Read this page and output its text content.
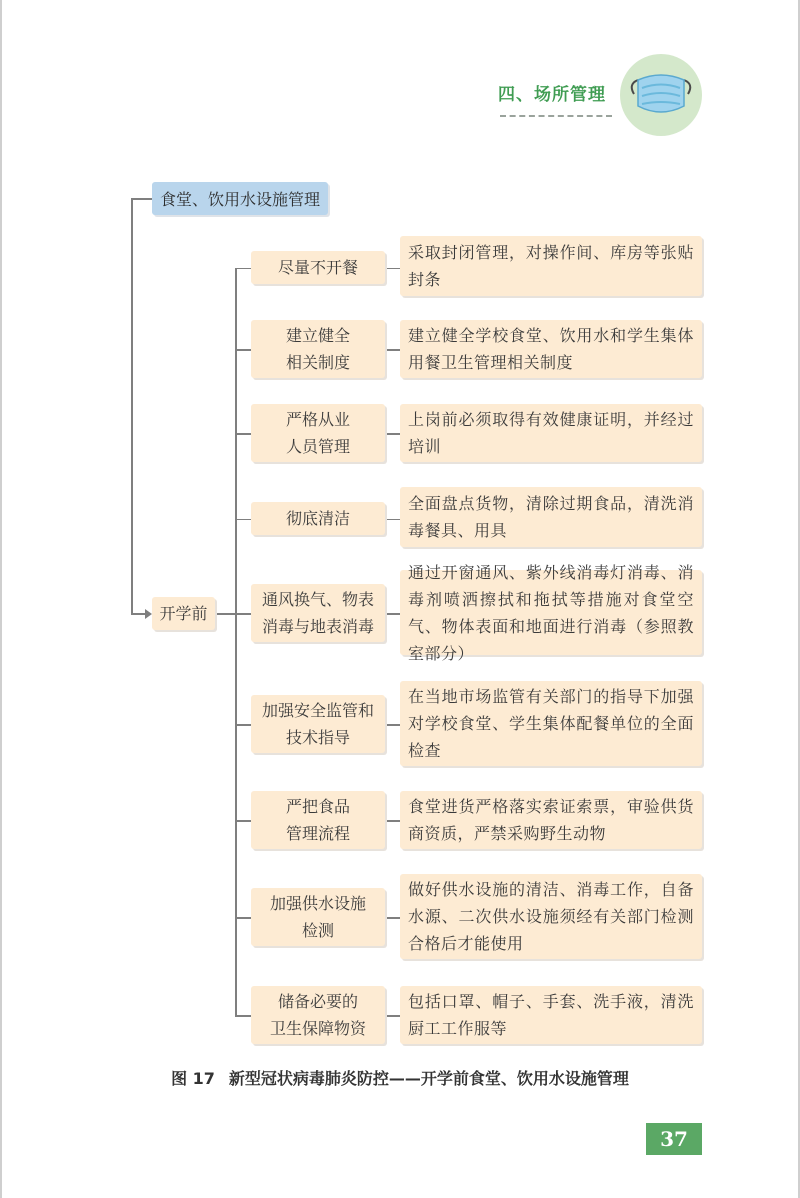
四、场所管理
食堂、饮用水设施管理
开学前
尽量不开餐
采取封闭管理，对操作间、库房等张贴封条
建立健全
相关制度
建立健全学校食堂、饮用水和学生集体用餐卫生管理相关制度
严格从业
人员管理
上岗前必须取得有效健康证明，并经过培训
彻底清洁
全面盘点货物，清除过期食品，清洗消毒餐具、用具
通风换气、物表
消毒与地表消毒
通过开窗通风、紫外线消毒灯消毒、消毒剂喷洒擦拭和拖拭等措施对食堂空气、物体表面和地面进行消毒（参照教室部分）
加强安全监管和
技术指导
在当地市场监管有关部门的指导下加强对学校食堂、学生集体配餐单位的全面检查
严把食品
管理流程
食堂进货严格落实索证索票，审验供货商资质，严禁采购野生动物
加强供水设施
检测
做好供水设施的清洁、消毒工作，自备水源、二次供水设施须经有关部门检测合格后才能使用
储备必要的
卫生保障物资
包括口罩、帽子、手套、洗手液，清洗厨工工作服等
图 17 新型冠状病毒肺炎防控——开学前食堂、饮用水设施管理
37
